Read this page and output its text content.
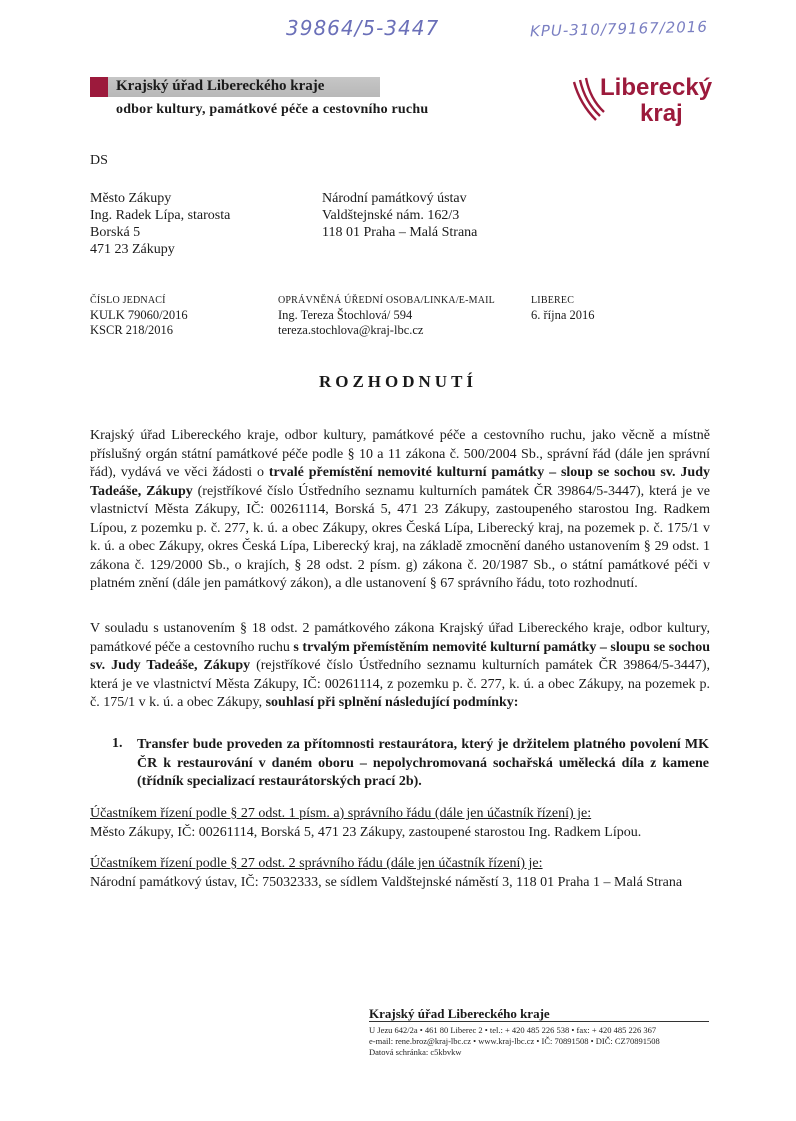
39864/5-3447	KPU-310/79167/2016
Krajský úřad Libereckého kraje
odbor kultury, památkové péče a cestovního ruchu
Liberecký
kraj
DS
Město Zákupy
Ing. Radek Lípa, starosta
Borská 5
471 23 Zákupy
Národní památkový ústav
Valdštejnské nám. 162/3
118 01 Praha – Malá Strana
ČÍSLO JEDNACÍ
KULK 79060/2016
KSCR 218/2016
OPRÁVNĚNÁ ÚŘEDNÍ OSOBA/LINKA/E-MAIL
Ing. Tereza Štochlová/ 594
tereza.stochlova@kraj-lbc.cz
LIBEREC
6. října 2016
ROZHODNUTÍ
Krajský úřad Libereckého kraje, odbor kultury, památkové péče a cestovního ruchu, jako věcně a místně příslušný orgán státní památkové péče podle § 10 a 11 zákona č. 500/2004 Sb., správní řád (dále jen správní řád), vydává ve věci žádosti o trvalé přemístění nemovité kulturní památky – sloup se sochou sv. Judy Tadeáše, Zákupy (rejstříkové číslo Ústředního seznamu kulturních památek ČR 39864/5-3447), která je ve vlastnictví Města Zákupy, IČ: 00261114, Borská 5, 471 23 Zákupy, zastoupeného starostou Ing. Radkem Lípou, z pozemku p. č. 277, k. ú. a obec Zákupy, okres Česká Lípa, Liberecký kraj, na pozemek p. č. 175/1 v k. ú. a obec Zákupy, okres Česká Lípa, Liberecký kraj, na základě zmocnění daného ustanovením § 29 odst. 1 zákona č. 129/2000 Sb., o krajích, § 28 odst. 2 písm. g) zákona č. 20/1987 Sb., o státní památkové péči v platném znění (dále jen památkový zákon), a dle ustanovení § 67 správního řádu, toto rozhodnutí.
V souladu s ustanovením § 18 odst. 2 památkového zákona Krajský úřad Libereckého kraje, odbor kultury, památkové péče a cestovního ruchu s trvalým přemístěním nemovité kulturní památky – sloupu se sochou sv. Judy Tadeáše, Zákupy (rejstříkové číslo Ústředního seznamu kulturních památek ČR 39864/5-3447), která je ve vlastnictví Města Zákupy, IČ: 00261114, z pozemku p. č. 277, k. ú. a obec Zákupy, na pozemek p. č. 175/1 v k. ú. a obec Zákupy, souhlasí při splnění následující podmínky:
1. Transfer bude proveden za přítomnosti restaurátora, který je držitelem platného povolení MK ČR k restaurování v daném oboru – nepolychromovaná sochařská umělecká díla z kamene (třídník specializací restaurátorských prací 2b).
Účastníkem řízení podle § 27 odst. 1 písm. a) správního řádu (dále jen účastník řízení) je:
Město Zákupy, IČ: 00261114, Borská 5, 471 23 Zákupy, zastoupené starostou Ing. Radkem Lípou.
Účastníkem řízení podle § 27 odst. 2 správního řádu (dále jen účastník řízení) je:
Národní památkový ústav, IČ: 75032333, se sídlem Valdštejnské náměstí 3, 118 01 Praha 1 – Malá Strana
Krajský úřad Libereckého kraje
U Jezu 642/2a • 461 80 Liberec 2 • tel.: + 420 485 226 538 • fax: + 420 485 226 367
e-mail: rene.broz@kraj-lbc.cz • www.kraj-lbc.cz • IČ: 70891508 • DIČ: CZ70891508
Datová schránka: c5kbvkw
